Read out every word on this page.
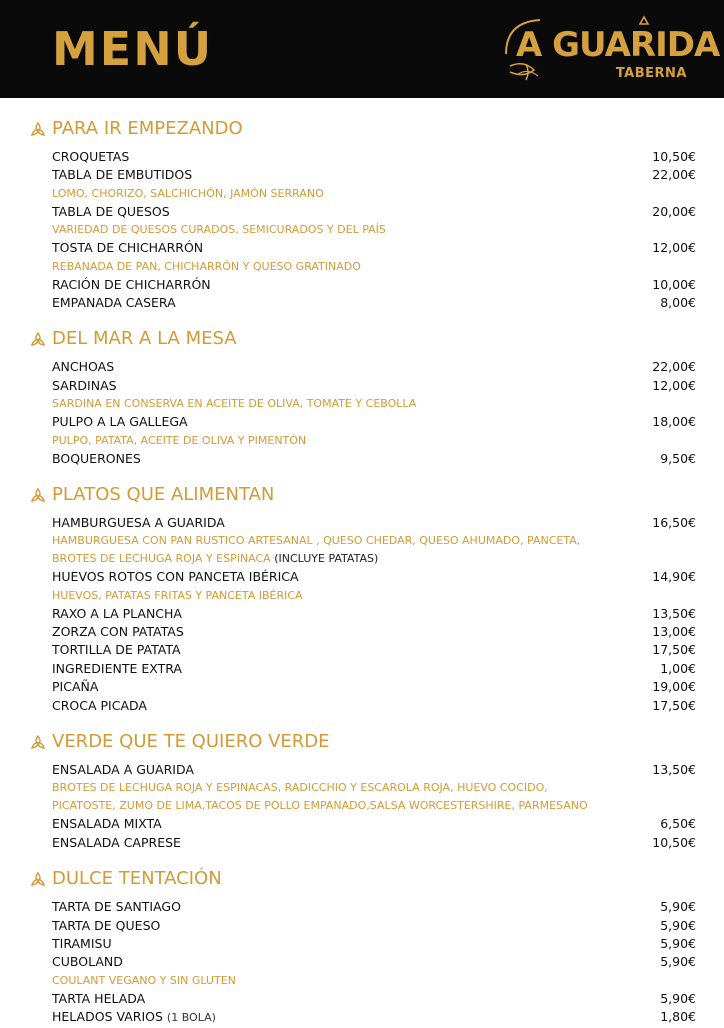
MENÚ	A GUARIDA
TABERNA
PARA IR EMPEZANDO
CROQUETAS	10,50€
TABLA DE EMBUTIDOS	22,00€
LOMO, CHORIZO, SALCHICHÓN, JAMÓN SERRANO
TABLA DE QUESOS	20,00€
VARIEDAD DE QUESOS CURADOS, SEMICURADOS Y DEL PAÍS
TOSTA DE CHICHARRÓN	12,00€
REBANADA DE PAN, CHICHARRÓN Y QUESO GRATINADO
RACIÓN DE CHICHARRÓN	10,00€
EMPANADA CASERA	8,00€
DEL MAR A LA MESA
ANCHOAS	22,00€
SARDINAS	12,00€
SARDINA EN CONSERVA EN ACEITE DE OLIVA, TOMATE Y CEBOLLA
PULPO A LA GALLEGA	18,00€
PULPO, PATATA, ACEITE DE OLIVA Y PIMENTÓN
BOQUERONES	9,50€
PLATOS QUE ALIMENTAN
HAMBURGUESA A GUARIDA	16,50€
HAMBURGUESA CON PAN RUSTICO ARTESANAL , QUESO CHEDAR, QUESO AHUMADO, PANCETA,
BROTES DE LECHUGA ROJA Y ESPINACA (INCLUYE PATATAS)
HUEVOS ROTOS CON PANCETA IBÉRICA	14,90€
HUEVOS, PATATAS FRITAS Y PANCETA IBÉRICA
RAXO A LA PLANCHA	13,50€
ZORZA CON PATATAS	13,00€
TORTILLA DE PATATA	17,50€
INGREDIENTE EXTRA	1,00€
PICAÑA	19,00€
CROCA PICADA	17,50€
VERDE QUE TE QUIERO VERDE
ENSALADA A GUARIDA	13,50€
BROTES DE LECHUGA ROJA Y ESPINACAS, RADICCHIO Y ESCAROLA ROJA, HUEVO COCIDO,
PICATOSTE, ZUMO DE LIMA,TACOS DE POLLO EMPANADO,SALSA WORCESTERSHIRE, PARMESANO
ENSALADA MIXTA	6,50€
ENSALADA CAPRESE	10,50€
DULCE TENTACIÓN
TARTA DE SANTIAGO	5,90€
TARTA DE QUESO	5,90€
TIRAMISU	5,90€
CUBOLAND	5,90€
COULANT VEGANO Y SIN GLUTEN
TARTA HELADA	5,90€
HELADOS VARIOS (1 BOLA)	1,80€
